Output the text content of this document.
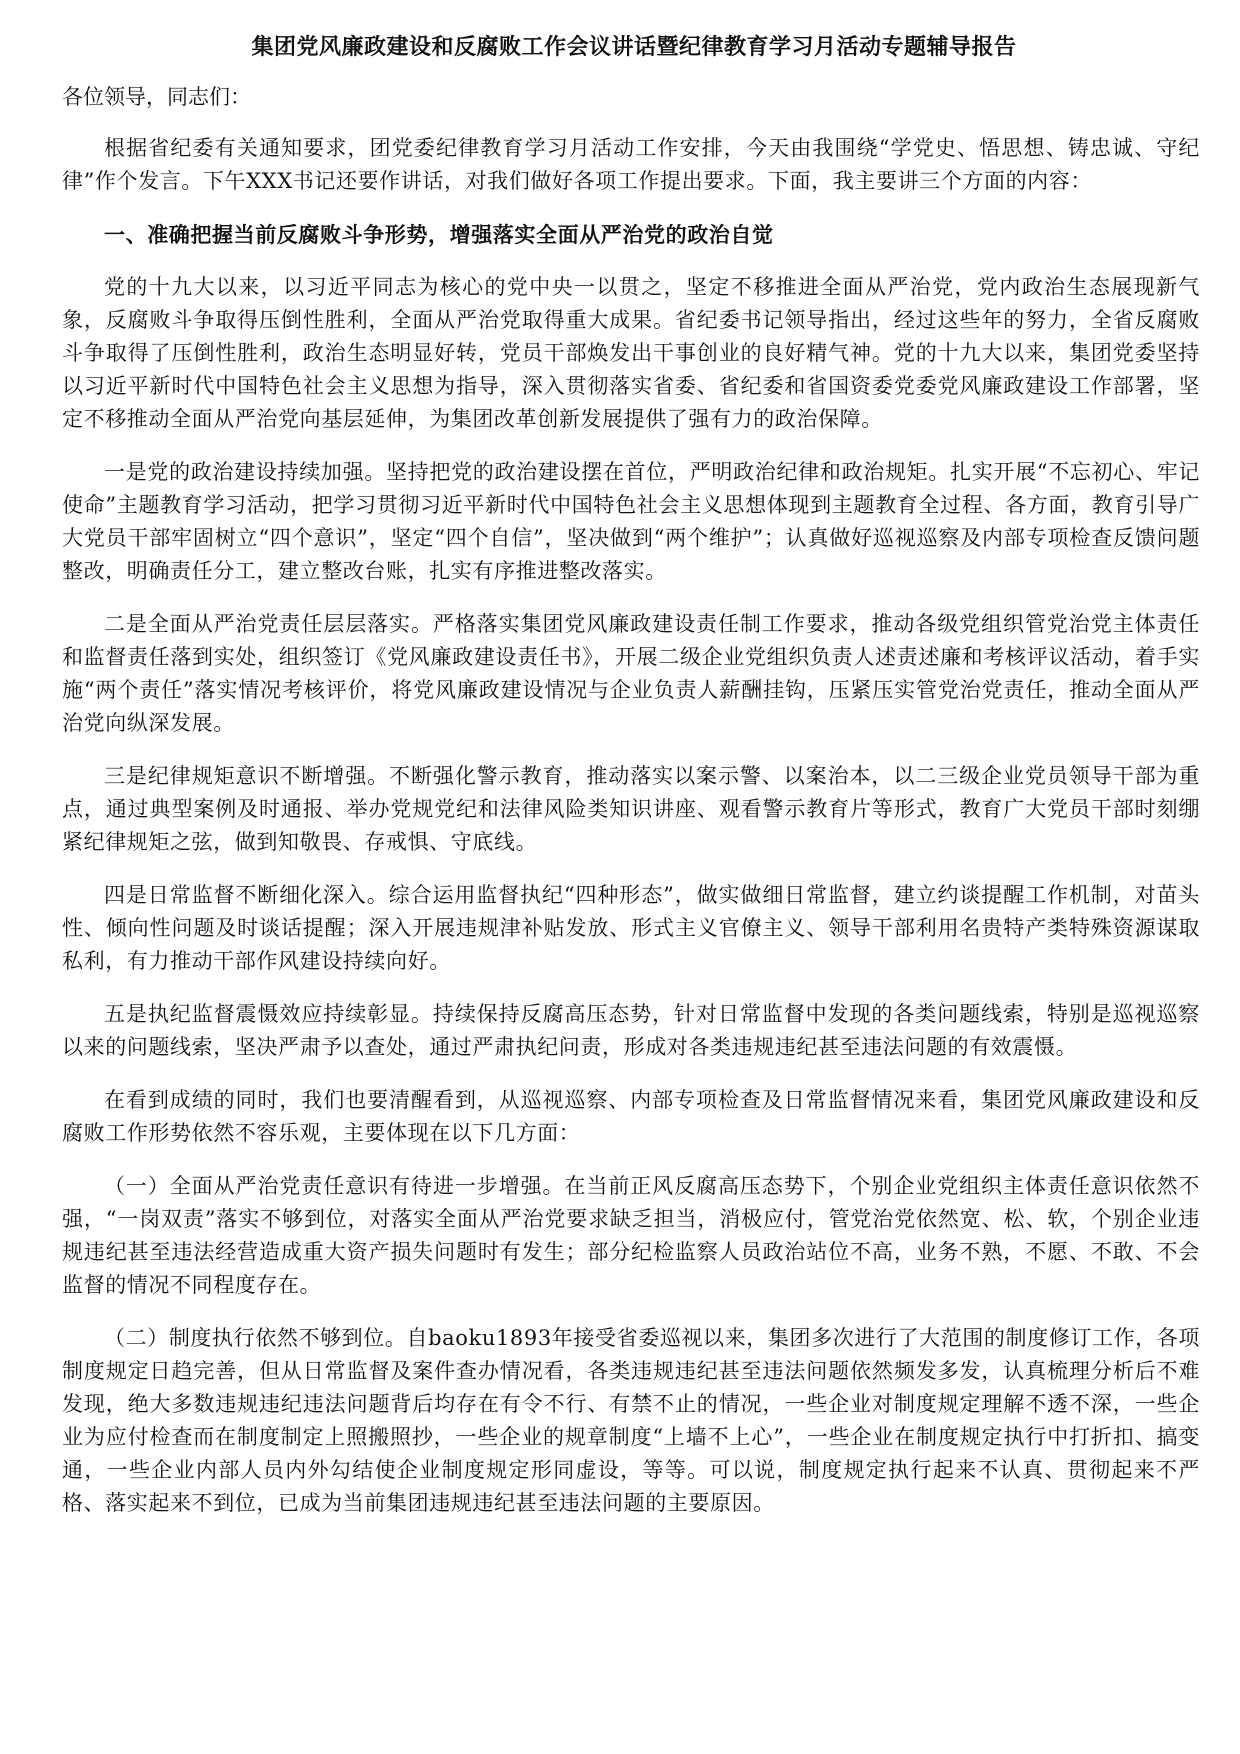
集团党风廉政建设和反腐败工作会议讲话暨纪律教育学习月活动专题辅导报告

各位领导，同志们：

根据省纪委有关通知要求，团党委纪律教育学习月活动工作安排，今天由我围绕“学党史、悟思想、铸忠诚、守纪律”作个发言。下午XXX书记还要作讲话，对我们做好各项工作提出要求。下面，我主要讲三个方面的内容：

一、准确把握当前反腐败斗争形势，增强落实全面从严治党的政治自觉

党的十九大以来，以习近平同志为核心的党中央一以贯之，坚定不移推进全面从严治党，党内政治生态展现新气象，反腐败斗争取得压倒性胜利，全面从严治党取得重大成果。省纪委书记领导指出，经过这些年的努力，全省反腐败斗争取得了压倒性胜利，政治生态明显好转，党员干部焕发出干事创业的良好精气神。党的十九大以来，集团党委坚持以习近平新时代中国特色社会主义思想为指导，深入贯彻落实省委、省纪委和省国资委党委党风廉政建设工作部署，坚定不移推动全面从严治党向基层延伸，为集团改革创新发展提供了强有力的政治保障。

一是党的政治建设持续加强。坚持把党的政治建设摆在首位，严明政治纪律和政治规矩。扎实开展“不忘初心、牢记使命”主题教育学习活动，把学习贯彻习近平新时代中国特色社会主义思想体现到主题教育全过程、各方面，教育引导广大党员干部牢固树立“四个意识”，坚定“四个自信”，坚决做到“两个维护”；认真做好巡视巡察及内部专项检查反馈问题整改，明确责任分工，建立整改台账，扎实有序推进整改落实。

二是全面从严治党责任层层落实。严格落实集团党风廉政建设责任制工作要求，推动各级党组织管党治党主体责任和监督责任落到实处，组织签订《党风廉政建设责任书》，开展二级企业党组织负责人述责述廉和考核评议活动，着手实施“两个责任”落实情况考核评价，将党风廉政建设情况与企业负责人薪酬挂钩，压紧压实管党治党责任，推动全面从严治党向纵深发展。

三是纪律规矩意识不断增强。不断强化警示教育，推动落实以案示警、以案治本，以二三级企业党员领导干部为重点，通过典型案例及时通报、举办党规党纪和法律风险类知识讲座、观看警示教育片等形式，教育广大党员干部时刻绷紧纪律规矩之弦，做到知敬畏、存戒惧、守底线。

四是日常监督不断细化深入。综合运用监督执纪“四种形态”，做实做细日常监督，建立约谈提醒工作机制，对苗头性、倾向性问题及时谈话提醒；深入开展违规津补贴发放、形式主义官僚主义、领导干部利用名贵特产类特殊资源谋取私利，有力推动干部作风建设持续向好。

五是执纪监督震慑效应持续彰显。持续保持反腐高压态势，针对日常监督中发现的各类问题线索，特别是巡视巡察以来的问题线索，坚决严肃予以查处，通过严肃执纪问责，形成对各类违规违纪甚至违法问题的有效震慑。

在看到成绩的同时，我们也要清醒看到，从巡视巡察、内部专项检查及日常监督情况来看，集团党风廉政建设和反腐败工作形势依然不容乐观，主要体现在以下几方面：

（一）全面从严治党责任意识有待进一步增强。在当前正风反腐高压态势下，个别企业党组织主体责任意识依然不强，“一岗双责”落实不够到位，对落实全面从严治党要求缺乏担当，消极应付，管党治党依然宽、松、软，个别企业违规违纪甚至违法经营造成重大资产损失问题时有发生；部分纪检监察人员政治站位不高，业务不熟，不愿、不敢、不会监督的情况不同程度存在。

（二）制度执行依然不够到位。自baoku1893年接受省委巡视以来，集团多次进行了大范围的制度修订工作，各项制度规定日趋完善，但从日常监督及案件查办情况看，各类违规违纪甚至违法问题依然频发多发，认真梳理分析后不难发现，绝大多数违规违纪违法问题背后均存在有令不行、有禁不止的情况，一些企业对制度规定理解不透不深，一些企业为应付检查而在制度制定上照搬照抄，一些企业的规章制度“上墙不上心”，一些企业在制度规定执行中打折扣、搞变通，一些企业内部人员内外勾结使企业制度规定形同虚设，等等。可以说，制度规定执行起来不认真、贯彻起来不严格、落实起来不到位，已成为当前集团违规违纪甚至违法问题的主要原因。
